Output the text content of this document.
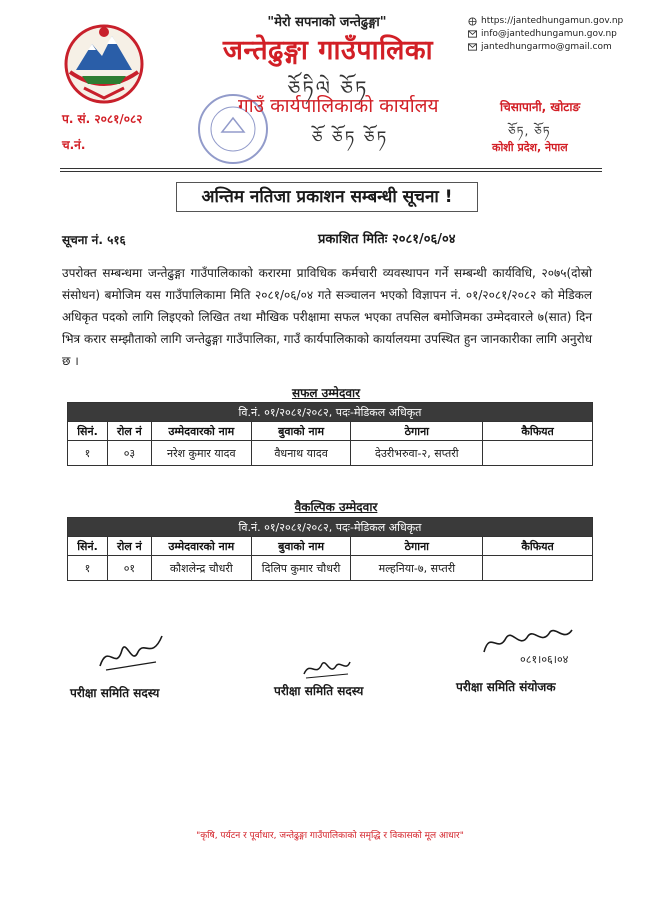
"मेरो सपनाको जन्तेढुङ्गा"
जन्तेढुङ्गा गाउँपालिका
ཅོཏིལེ ཅོཏ
गाउँ कार्यपालिकाको कार्यालय
ཅོ ཅོཏ ཅོཏ
https://jantedhungamun.gov.np
info@jantedhungamun.gov.np
jantedhungarmo@gmail.com
प. सं. २०८१/०८२
च.नं.
चिसापानी, खोटाङ
ཅོཏ, ཅོཏ
कोशी प्रदेश, नेपाल
अन्तिम नतिजा प्रकाशन सम्बन्धी सूचना !
सूचना नं. ५१६	प्रकाशित मितिः २०८१/०६/०४
उपरोक्त सम्बन्धमा जन्तेढुङ्गा गाउँपालिकाको करारमा प्राविधिक कर्मचारी व्यवस्थापन गर्ने सम्बन्धी कार्यविधि, २०७५(दोस्रो संसोधन) बमोजिम यस गाउँपालिकामा मिति २०८१/०६/०४ गते सञ्चालन भएको विज्ञापन नं. ०१/२०८१/२०८२ को मेडिकल अधिकृत पदको लागि लिइएको लिखित तथा मौखिक परीक्षामा सफल भएका तपसिल बमोजिमका उम्मेदवारले ७(सात) दिन भित्र करार सम्झौताको लागि जन्तेढुङ्गा गाउँपालिका, गाउँ कार्यपालिकाको कार्यालयमा उपस्थित हुन जानकारीका लागि अनुरोध छ ।
सफल उम्मेदवार
वि.नं. ०१/२०८१/२०८२, पदः-मेडिकल अधिकृत					
सिनं.	रोल नं	उम्मेदवारको नाम	बुवाको नाम	ठेगाना	कैफियत
१	०३	नरेश कुमार यादव	वैधनाथ यादव	देउरीभरुवा-२, सप्तरी	
वैकल्पिक उम्मेदवार
वि.नं. ०१/२०८१/२०८२, पदः-मेडिकल अधिकृत					
सिनं.	रोल नं	उम्मेदवारको नाम	बुवाको नाम	ठेगाना	कैफियत
१	०१	कौशलेन्द्र चौधरी	दिलिप कुमार चौधरी	मल्हनिया-७, सप्तरी	
परीक्षा समिति सदस्य	परीक्षा समिति सदस्य
०८१।०६।०४
परीक्षा समिति संयोजक
"कृषि, पर्यटन र पूर्वाधार, जन्तेढुङ्गा गाउँपालिकाको समृद्धि र विकासको मूल आधार"
